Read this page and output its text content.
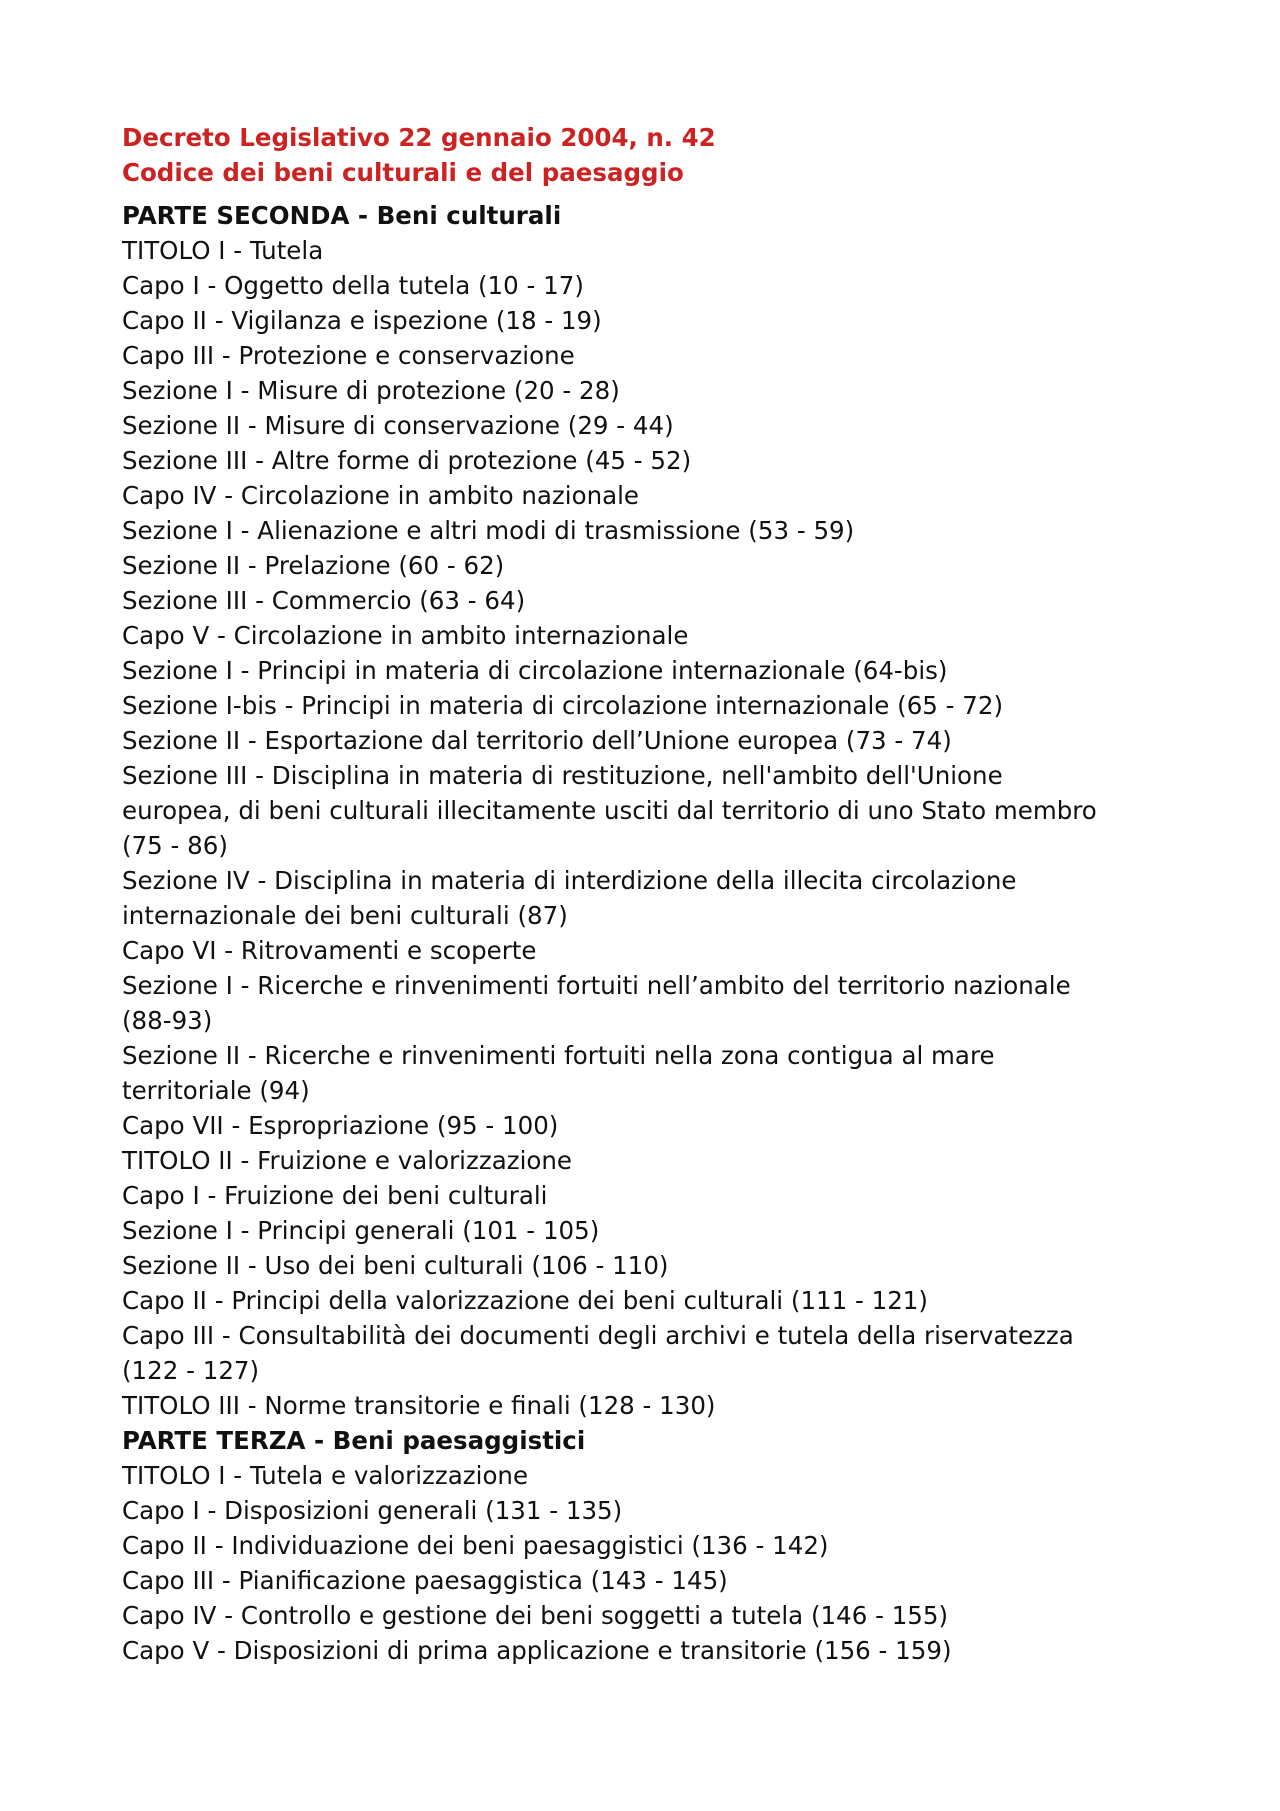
Decreto Legislativo 22 gennaio 2004, n. 42
Codice dei beni culturali e del paesaggio
PARTE SECONDA - Beni culturali
TITOLO I - Tutela
Capo I - Oggetto della tutela (10 - 17)
Capo II - Vigilanza e ispezione (18 - 19)
Capo III - Protezione e conservazione
Sezione I - Misure di protezione (20 - 28)
Sezione II - Misure di conservazione (29 - 44)
Sezione III - Altre forme di protezione (45 - 52)
Capo IV - Circolazione in ambito nazionale
Sezione I - Alienazione e altri modi di trasmissione (53 - 59)
Sezione II - Prelazione (60 - 62)
Sezione III - Commercio (63 - 64)
Capo V - Circolazione in ambito internazionale
Sezione I - Principi in materia di circolazione internazionale (64-bis)
Sezione I-bis - Principi in materia di circolazione internazionale (65 - 72)
Sezione II - Esportazione dal territorio dell’Unione europea (73 - 74)
Sezione III - Disciplina in materia di restituzione, nell'ambito dell'Unione
europea, di beni culturali illecitamente usciti dal territorio di uno Stato membro
(75 - 86)
Sezione IV - Disciplina in materia di interdizione della illecita circolazione
internazionale dei beni culturali (87)
Capo VI - Ritrovamenti e scoperte
Sezione I - Ricerche e rinvenimenti fortuiti nell’ambito del territorio nazionale
(88-93)
Sezione II - Ricerche e rinvenimenti fortuiti nella zona contigua al mare
territoriale (94)
Capo VII - Espropriazione (95 - 100)
TITOLO II - Fruizione e valorizzazione
Capo I - Fruizione dei beni culturali
Sezione I - Principi generali (101 - 105)
Sezione II - Uso dei beni culturali (106 - 110)
Capo II - Principi della valorizzazione dei beni culturali (111 - 121)
Capo III - Consultabilità dei documenti degli archivi e tutela della riservatezza
(122 - 127)
TITOLO III - Norme transitorie e finali (128 - 130)
PARTE TERZA - Beni paesaggistici
TITOLO I - Tutela e valorizzazione
Capo I - Disposizioni generali (131 - 135)
Capo II - Individuazione dei beni paesaggistici (136 - 142)
Capo III - Pianificazione paesaggistica (143 - 145)
Capo IV - Controllo e gestione dei beni soggetti a tutela (146 - 155)
Capo V - Disposizioni di prima applicazione e transitorie (156 - 159)
